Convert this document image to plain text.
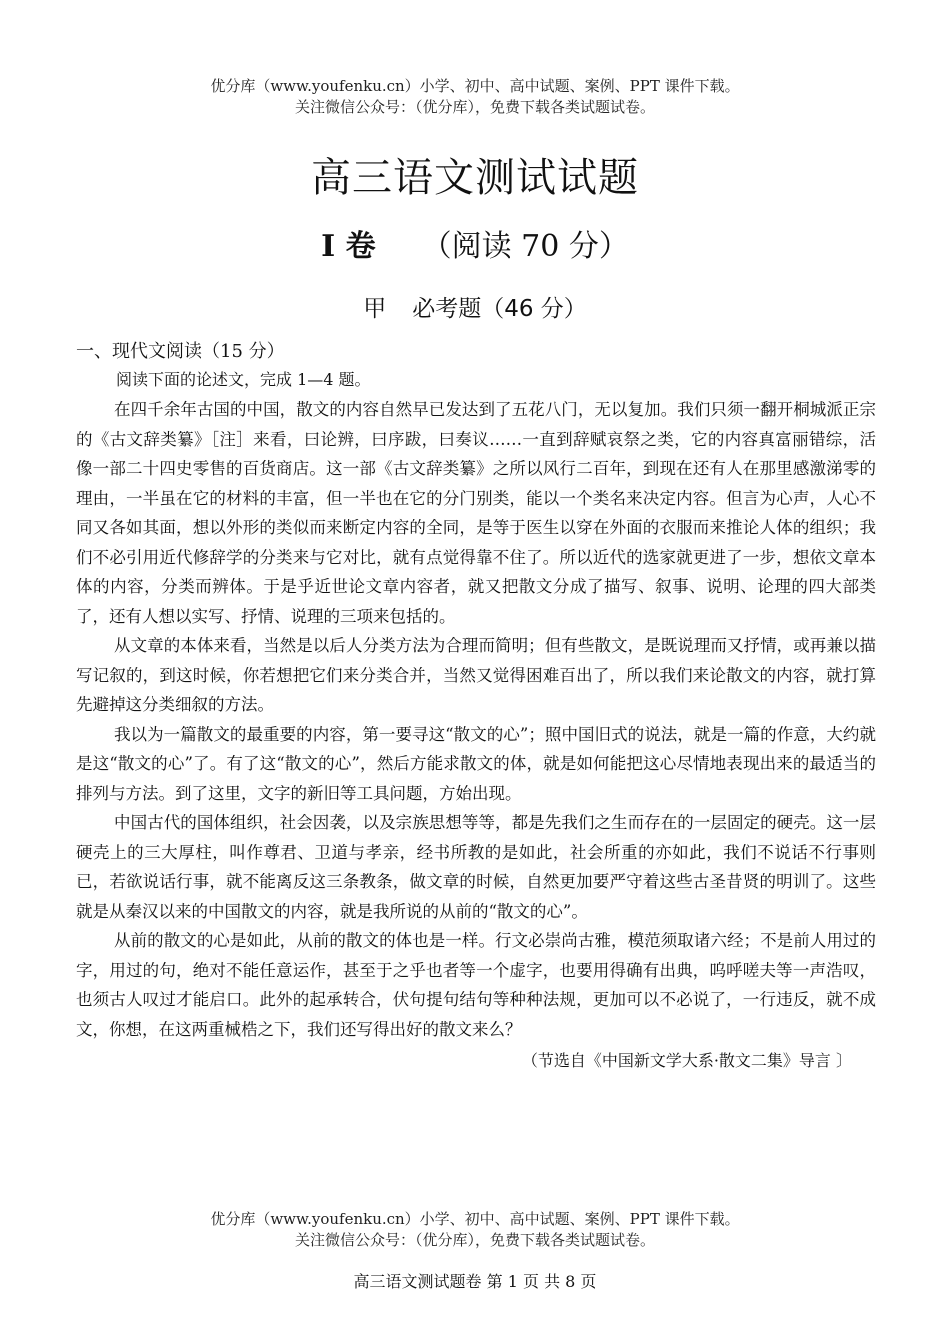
优分库（www.youfenku.cn）小学、初中、高中试题、案例、PPT 课件下载。
关注微信公众号：（优分库），免费下载各类试题试卷。
高三语文测试试题
I 卷 （阅读 70 分）
甲 必考题（46 分）
一、现代文阅读（15 分）
阅读下面的论述文，完成 1—4 题。

在四千余年古国的中国，散文的内容自然早已发达到了五花八门，无以复加。我们只须一翻开桐城派正宗的《古文辞类纂》［注］来看，曰论辨，曰序跋，曰奏议……一直到辞赋哀祭之类，它的内容真富丽错综，活像一部二十四史零售的百货商店。这一部《古文辞类纂》之所以风行二百年，到现在还有人在那里感激涕零的理由，一半虽在它的材料的丰富，但一半也在它的分门别类，能以一个类名来决定内容。但言为心声，人心不同又各如其面，想以外形的类似而来断定内容的全同，是等于医生以穿在外面的衣服而来推论人体的组织；我们不必引用近代修辞学的分类来与它对比，就有点觉得靠不住了。所以近代的选家就更进了一步，想依文章本体的内容，分类而辨体。于是乎近世论文章内容者，就又把散文分成了描写、叙事、说明、论理的四大部类了，还有人想以实写、抒情、说理的三项来包括的。

从文章的本体来看，当然是以后人分类方法为合理而简明；但有些散文，是既说理而又抒情，或再兼以描写记叙的，到这时候，你若想把它们来分类合并，当然又觉得困难百出了，所以我们来论散文的内容，就打算先避掉这分类细叙的方法。

我以为一篇散文的最重要的内容，第一要寻这“散文的心”；照中国旧式的说法，就是一篇的作意，大约就是这“散文的心”了。有了这“散文的心”，然后方能求散文的体，就是如何能把这心尽情地表现出来的最适当的排列与方法。到了这里，文字的新旧等工具问题，方始出现。

中国古代的国体组织，社会因袭，以及宗族思想等等，都是先我们之生而存在的一层固定的硬壳。这一层硬壳上的三大厚柱，叫作尊君、卫道与孝亲，经书所教的是如此，社会所重的亦如此，我们不说话不行事则已，若欲说话行事，就不能离反这三条教条，做文章的时候，自然更加要严守着这些古圣昔贤的明训了。这些就是从秦汉以来的中国散文的内容，就是我所说的从前的“散文的心”。

从前的散文的心是如此，从前的散文的体也是一样。行文必崇尚古雅，模范须取诸六经；不是前人用过的字，用过的句，绝对不能任意运作，甚至于之乎也者等一个虚字，也要用得确有出典，呜呼嗟夫等一声浩叹，也须古人叹过才能启口。此外的起承转合，伏句提句结句等种种法规，更加可以不必说了，一行违反，就不成文，你想，在这两重械梏之下，我们还写得出好的散文来么？

（节选自《中国新文学大系·散文二集》导言 〕
优分库（www.youfenku.cn）小学、初中、高中试题、案例、PPT 课件下载。
关注微信公众号：（优分库），免费下载各类试题试卷。
高三语文测试题卷 第 1 页 共 8 页
